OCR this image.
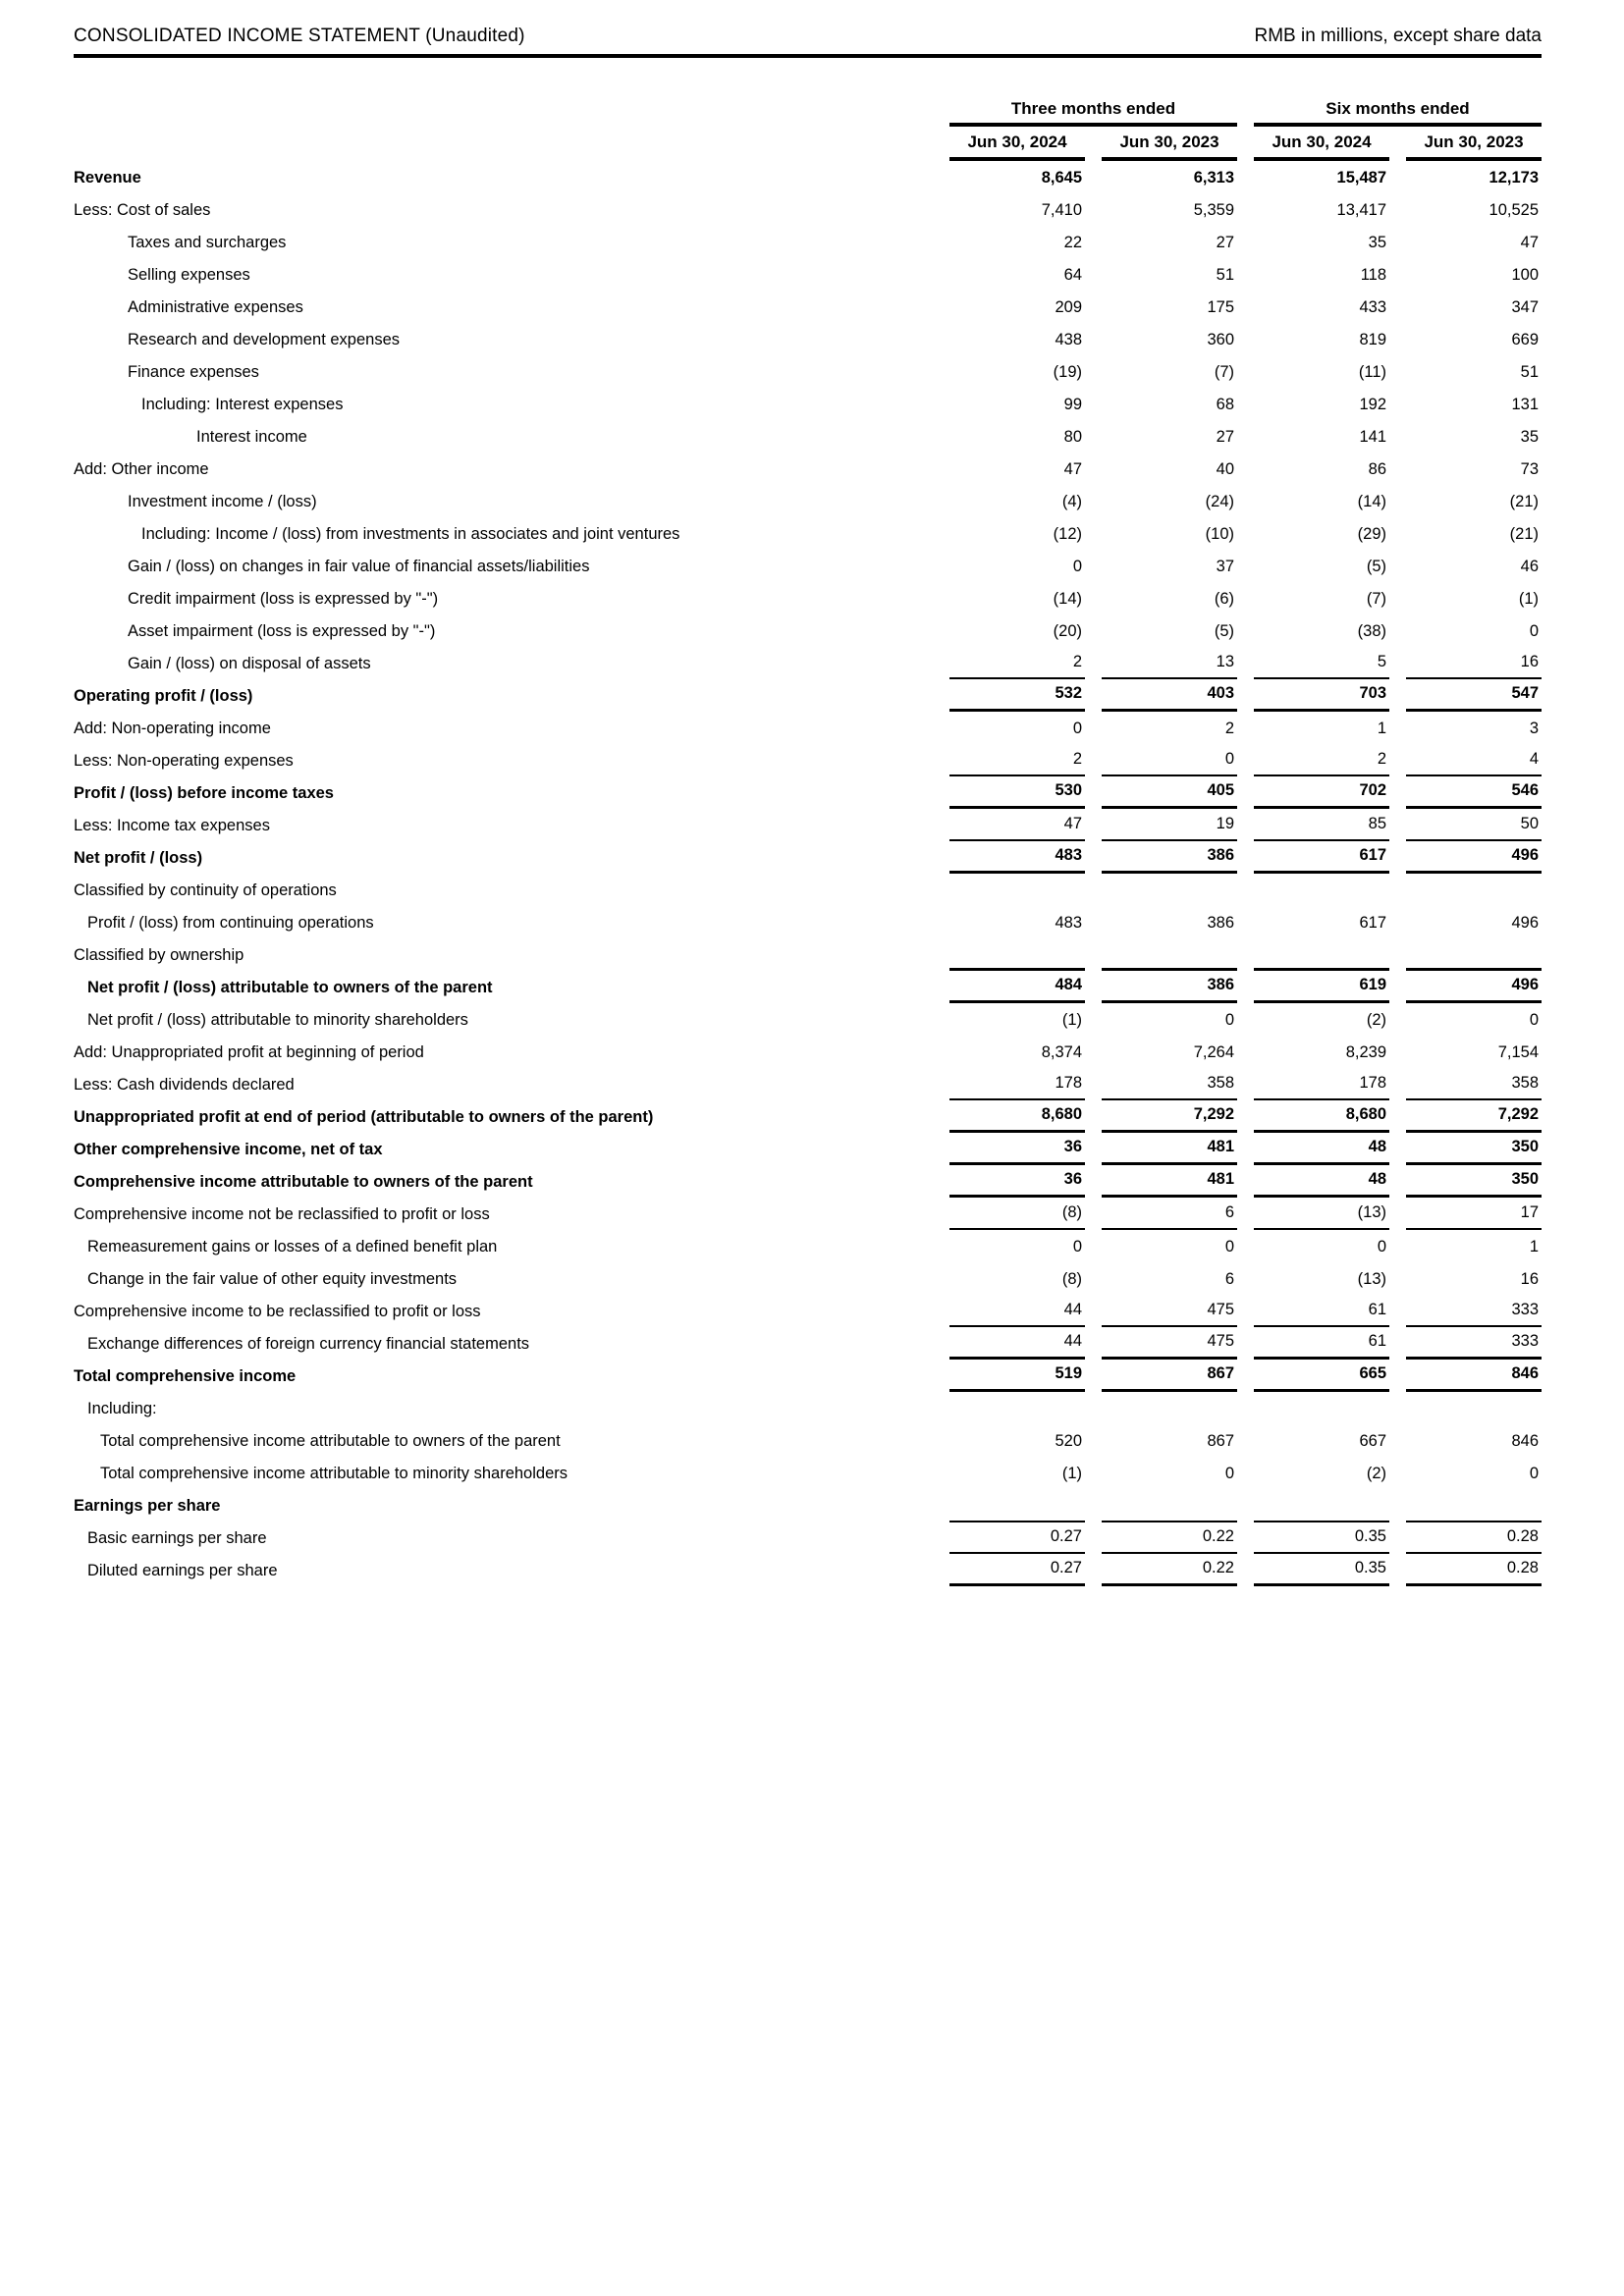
CONSOLIDATED INCOME STATEMENT (Unaudited)	RMB in millions, except share data
Three months ended	Six months ended
Jun 30, 2024	Jun 30, 2023	Jun 30, 2024	Jun 30, 2023
Revenue	8,645	6,313	15,487	12,173
Less: Cost of sales	7,410	5,359	13,417	10,525
Taxes and surcharges	22	27	35	47
Selling expenses	64	51	118	100
Administrative expenses	209	175	433	347
Research and development expenses	438	360	819	669
Finance expenses	(19)	(7)	(11)	51
Including: Interest expenses	99	68	192	131
Interest income	80	27	141	35
Add: Other income	47	40	86	73
Investment income / (loss)	(4)	(24)	(14)	(21)
Including: Income / (loss) from investments in associates and joint ventures	(12)	(10)	(29)	(21)
Gain / (loss) on changes in fair value of financial assets/liabilities	0	37	(5)	46
Credit impairment (loss is expressed by "-")	(14)	(6)	(7)	(1)
Asset impairment (loss is expressed by "-")	(20)	(5)	(38)	0
Gain / (loss) on disposal of assets	2	13	5	16
Operating profit / (loss)	532	403	703	547
Add: Non-operating income	0	2	1	3
Less: Non-operating expenses	2	0	2	4
Profit / (loss) before income taxes	530	405	702	546
Less: Income tax expenses	47	19	85	50
Net profit / (loss)	483	386	617	496
Classified by continuity of operations
Profit / (loss) from continuing operations	483	386	617	496
Classified by ownership
Net profit / (loss) attributable to owners of the parent	484	386	619	496
Net profit / (loss) attributable to minority shareholders	(1)	0	(2)	0
Add: Unappropriated profit at beginning of period	8,374	7,264	8,239	7,154
Less: Cash dividends declared	178	358	178	358
Unappropriated profit at end of period (attributable to owners of the parent)	8,680	7,292	8,680	7,292
Other comprehensive income, net of tax	36	481	48	350
Comprehensive income attributable to owners of the parent	36	481	48	350
Comprehensive income not be reclassified to profit or loss	(8)	6	(13)	17
Remeasurement gains or losses of a defined benefit plan	0	0	0	1
Change in the fair value of other equity investments	(8)	6	(13)	16
Comprehensive income to be reclassified to profit or loss	44	475	61	333
Exchange differences of foreign currency financial statements	44	475	61	333
Total comprehensive income	519	867	665	846
Including:
Total comprehensive income attributable to owners of the parent	520	867	667	846
Total comprehensive income attributable to minority shareholders	(1)	0	(2)	0
Earnings per share
Basic earnings per share	0.27	0.22	0.35	0.28
Diluted earnings per share	0.27	0.22	0.35	0.28
